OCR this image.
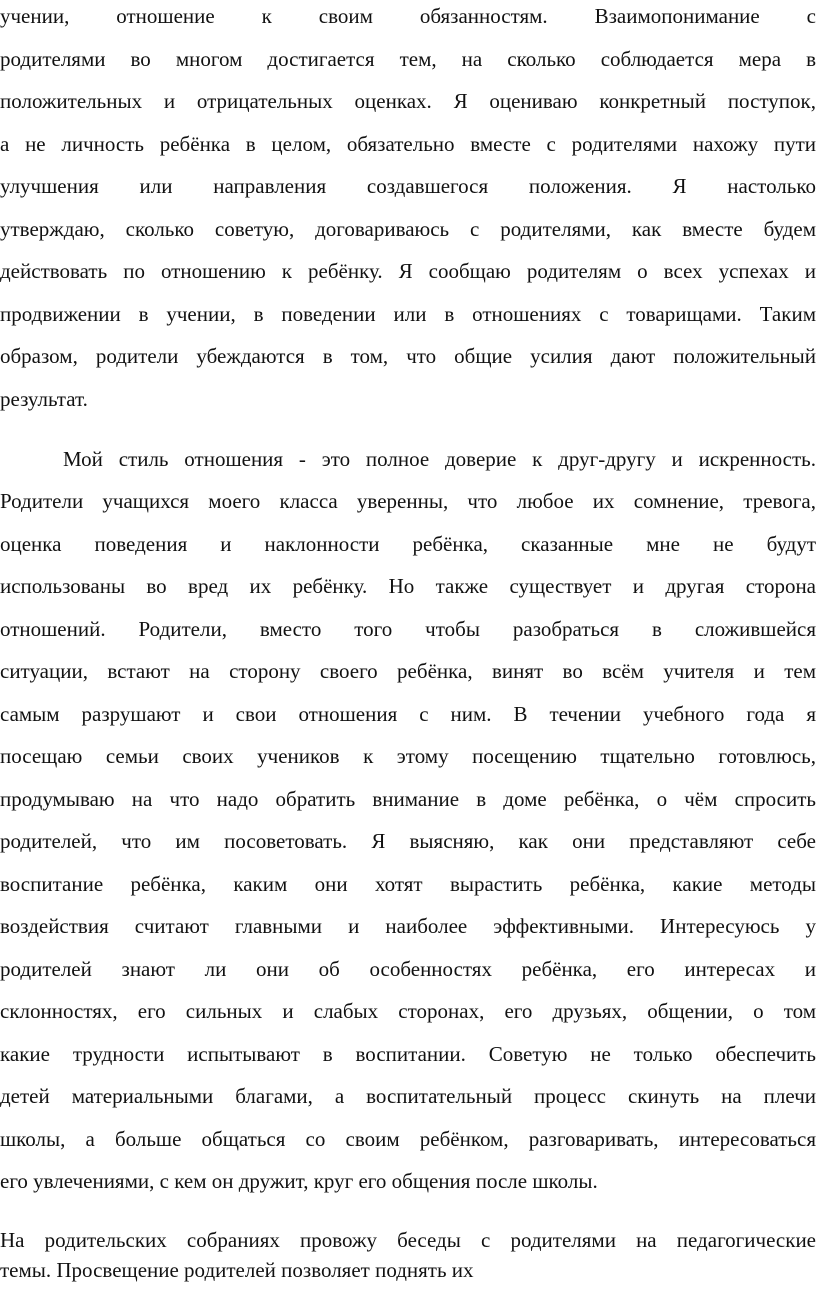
учении, отношение к своим обязанностям. Взаимопонимание с

родителями во многом достигается тем, на сколько соблюдается мера в

положительных и отрицательных оценках. Я оцениваю конкретный поступок,

а не личность ребёнка в целом, обязательно вместе с родителями нахожу пути

улучшения или направления создавшегося положения. Я настолько

утверждаю, сколько советую, договариваюсь с родителями, как вместе будем

действовать по отношению к ребёнку. Я сообщаю родителям о всех успехах и

продвижении в учении, в поведении или в отношениях с товарищами. Таким

образом, родители убеждаются в том, что общие усилия дают положительный

результат.

Мой стиль отношения - это полное доверие к друг-другу и искренность.

Родители учащихся моего класса уверенны, что любое их сомнение, тревога,

оценка поведения и наклонности ребёнка, сказанные мне не будут

использованы во вред их ребёнку. Но также существует и другая сторона

отношений. Родители, вместо того чтобы разобраться в сложившейся

ситуации, встают на сторону своего ребёнка, винят во всём учителя и тем

самым разрушают и свои отношения с ним. В течении учебного года я

посещаю семьи своих учеников к этому посещению тщательно готовлюсь,

продумываю на что надо обратить внимание в доме ребёнка, о чём спросить

родителей, что им посоветовать. Я выясняю, как они представляют себе

воспитание ребёнка, каким они хотят вырастить ребёнка, какие методы

воздействия считают главными и наиболее эффективными. Интересуюсь у

родителей знают ли они об особенностях ребёнка, его интересах и

склонностях, его сильных и слабых сторонах, его друзьях, общении, о том

какие трудности испытывают в воспитании. Советую не только обеспечить

детей материальными благами, а воспитательный процесс скинуть на плечи

школы, а больше общаться со своим ребёнком, разговаривать, интересоваться

его увлечениями, с кем он дружит, круг его общения после школы.

На родительских собраниях провожу беседы с родителями на педагогические

темы. Просвещение родителей позволяет поднять их
